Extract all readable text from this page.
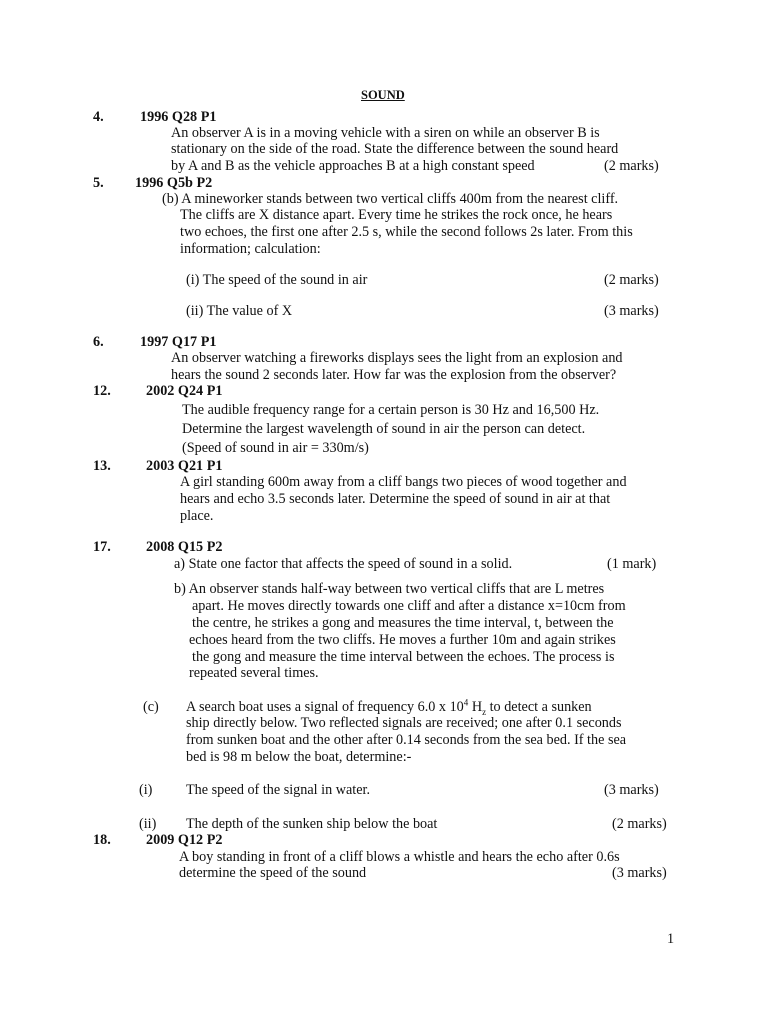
SOUND
4.	1996 Q28 P1
An observer A is in a moving vehicle with a siren on while an observer B is
stationary on the side of the road. State the difference between the sound heard
by A and B as the vehicle approaches B at a high constant speed	(2 marks)
5. 1996 Q5b P2
(b) A mineworker stands between two vertical cliffs 400m from the nearest cliff.
The cliffs are X distance apart. Every time he strikes the rock once, he hears
two echoes, the first one after 2.5 s, while the second follows 2s later. From this
information; calculation:
(i) The speed of the sound in air	(2 marks)
(ii) The value of X	(3 marks)
6.	1997 Q17 P1
An observer watching a fireworks displays sees the light from an explosion and
hears the sound 2 seconds later. How far was the explosion from the observer?
12. 2002 Q24 P1
The audible frequency range for a certain person is 30 Hz and 16,500 Hz.
Determine the largest wavelength of sound in air the person can detect.
(Speed of sound in air = 330m/s)
13. 2003 Q21 P1
A girl standing 600m away from a cliff bangs two pieces of wood together and
hears and echo 3.5 seconds later. Determine the speed of sound in air at that
place.
17. 2008 Q15 P2
a) State one factor that affects the speed of sound in a solid.	(1 mark)
b) An observer stands half-way between two vertical cliffs that are L metres
apart. He moves directly towards one cliff and after a distance x=10cm from
the centre, he strikes a gong and measures the time interval, t, between the
echoes heard from the two cliffs. He moves a further 10m and again strikes
the gong and measure the time interval between the echoes. The process is
repeated several times.
(c) A search boat uses a signal of frequency 6.0 x $10^4$ $H_z$ to detect a sunken
ship directly below. Two reflected signals are received; one after 0.1 seconds
from sunken boat and the other after 0.14 seconds from the sea bed. If the sea
bed is 98 m below the boat, determine:-
(i) The speed of the signal in water.	(3 marks)
(ii) The depth of the sunken ship below the boat	(2 marks)
18. 2009 Q12 P2
A boy standing in front of a cliff blows a whistle and hears the echo after 0.6s
determine the speed of the sound	(3 marks)
1
